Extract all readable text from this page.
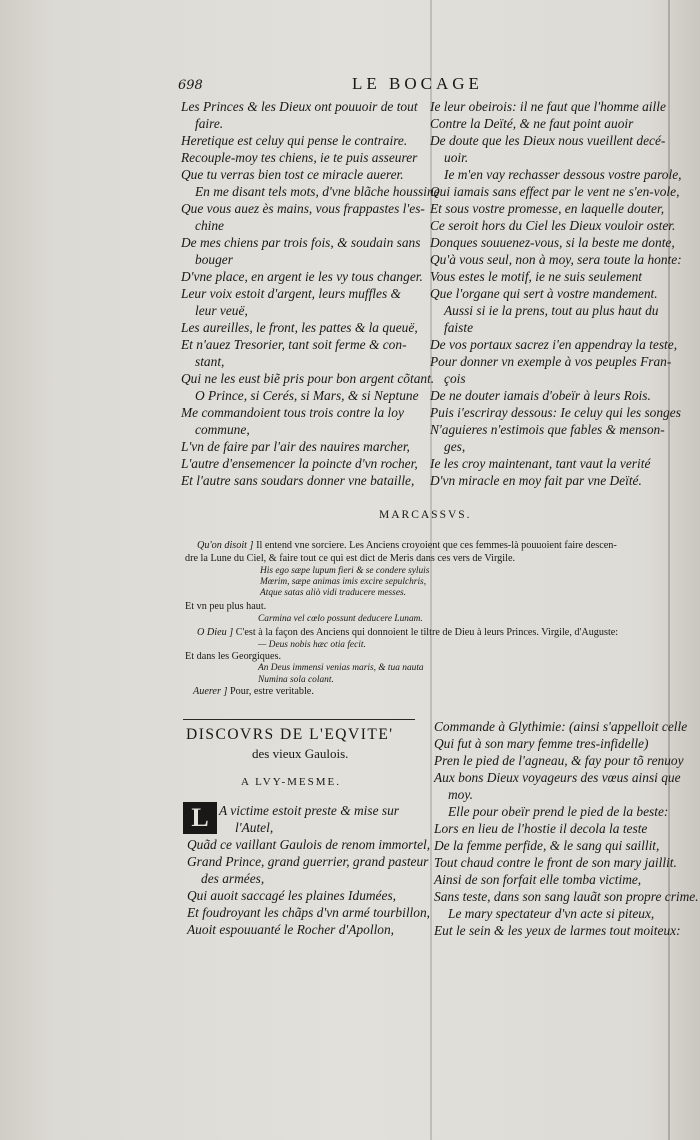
698	LE BOCAGE
Les Princes & les Dieux ont pouuoir de tout
faire.
Heretique est celuy qui pense le contraire.
Recouple-moy tes chiens, ie te puis asseurer
Que tu verras bien tost ce miracle auerer.
En me disant tels mots, d'vne blãche houssine
Que vous auez ès mains, vous frappastes l'es-
chine
De mes chiens par trois fois, & soudain sans
bouger
D'vne place, en argent ie les vy tous changer.
Leur voix estoit d'argent, leurs muffles &
leur veuë,
Les aureilles, le front, les pattes & la queuë,
Et n'auez Tresorier, tant soit ferme & con-
stant,
Qui ne les eust biẽ pris pour bon argent cõtant.
O Prince, si Cerés, si Mars, & si Neptune
Me commandoient tous trois contre la loy
commune,
L'vn de faire par l'air des nauires marcher,
L'autre d'ensemencer la poincte d'vn rocher,
Et l'autre sans soudars donner vne bataille,
Ie leur obeirois: il ne faut que l'homme aille
Contre la Deïté, & ne faut point auoir
De doute que les Dieux nous vueillent decé-
uoir.
Ie m'en vay rechasser dessous vostre parole,
Qui iamais sans effect par le vent ne s'en-vole,
Et sous vostre promesse, en laquelle douter,
Ce seroit hors du Ciel les Dieux vouloir oster.
Donques souuenez-vous, si la beste me donte,
Qu'à vous seul, non à moy, sera toute la honte:
Vous estes le motif, ie ne suis seulement
Que l'organe qui sert à vostre mandement.
Aussi si ie la prens, tout au plus haut du
faiste
De vos portaux sacrez i'en appendray la teste,
Pour donner vn exemple à vos peuples Fran-
çois
De ne douter iamais d'obeïr à leurs Rois.
Puis i'escriray dessous: Ie celuy qui les songes
N'aguieres n'estimois que fables & menson-
ges,
Ie les croy maintenant, tant vaut la verité
D'vn miracle en moy fait par vne Deïté.
MARCASSVS.
Qu'on disoit ] Il entend vne sorciere. Les Anciens croyoient que ces femmes-là pouuoient faire descen-
dre la Lune du Ciel, & faire tout ce qui est dict de Meris dans ces vers de Virgile.
His ego sæpe lupum fieri & se condere syluis
Mœrim, sæpe animas imis excire sepulchris,
Atque satas aliò vidi traducere messes.
Et vn peu plus haut.
Carmina vel cœlo possunt deducere Lunam.
O Dieu ] C'est à la façon des Anciens qui donnoient le tiltre de Dieu à leurs Princes. Virgile, d'Auguste:
— Deus nobis hæc otia fecit.
Et dans les Georgiques.
An Deus immensi venias maris, & tua nauta
Numina sola colant.
Auerer ] Pour, estre veritable.
DISCOVRS DE L'EQVITE'
des vieux Gaulois.
A LVY-MESME.
L A victime estoit preste & mise sur
l'Autel,
Quãd ce vaillant Gaulois de renom immortel,
Grand Prince, grand guerrier, grand pasteur
des armées,
Qui auoit saccagé les plaines Idumées,
Et foudroyant les chãps d'vn armé tourbillon,
Auoit espouuanté le Rocher d'Apollon,
Commande à Glythimie: (ainsi s'appelloit celle
Qui fut à son mary femme tres-infidelle)
Pren le pied de l'agneau, & fay pour tõ renuoy
Aux bons Dieux voyageurs des vœus ainsi que
moy.
Elle pour obeïr prend le pied de la beste:
Lors en lieu de l'hostie il decola la teste
De la femme perfide, & le sang qui saillit,
Tout chaud contre le front de son mary jaillit.
Ainsi de son forfait elle tomba victime,
Sans teste, dans son sang lauãt son propre crime.
Le mary spectateur d'vn acte si piteux,
Eut le sein & les yeux de larmes tout moiteux:
